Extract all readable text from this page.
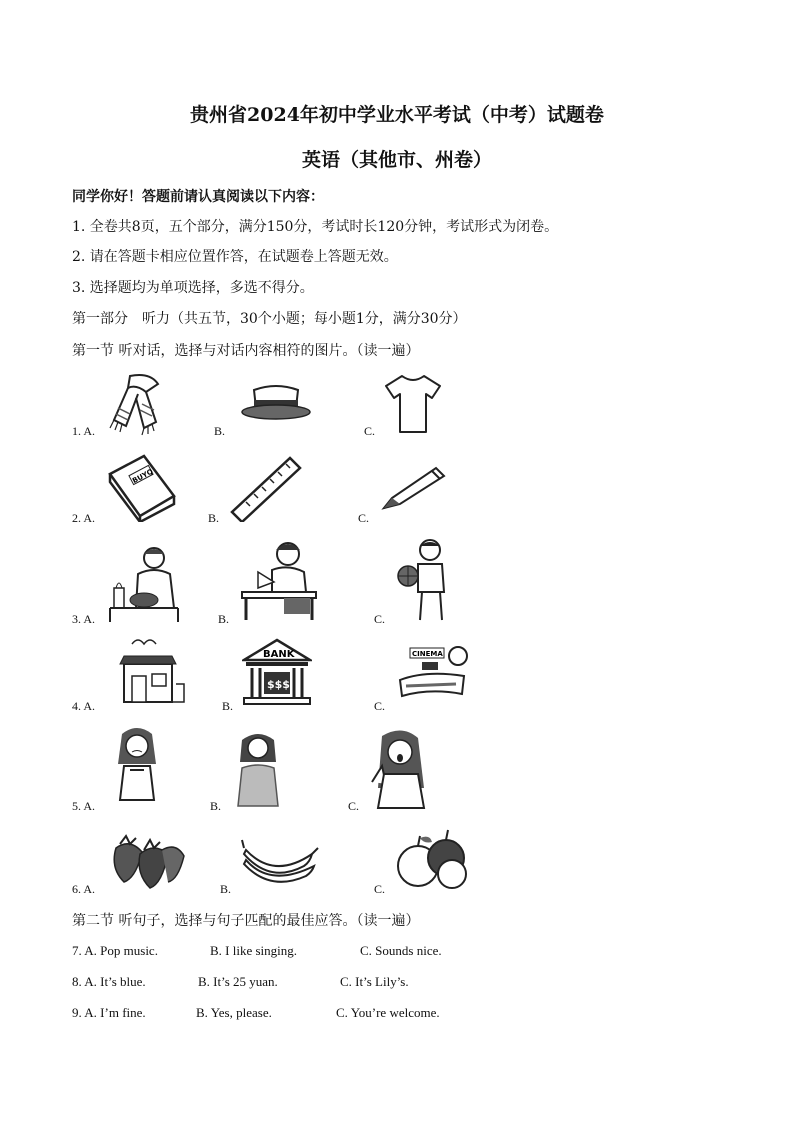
贵州省2024年初中学业水平考试（中考）试题卷
英语（其他市、州卷）
同学你好！答题前请认真阅读以下内容：
1. 全卷共8页，五个部分，满分150分，考试时长120分钟，考试形式为闭卷。
2. 请在答题卡相应位置作答，在试题卷上答题无效。
3. 选择题均为单项选择，多选不得分。
第一部分　听力（共五节，30个小题；每小题1分，满分30分）
第一节 听对话，选择与对话内容相符的图片。（读一遍）
1. A.	B.	C.
2. A.	B.	C.
BUYQ
3. A.	B.	C.
4. A.	B.	C.
BANK
$$$
CINEMA
5. A.	B.	C.
6. A.	B.	C.
第二节 听句子，选择与句子匹配的最佳应答。（读一遍）
7. A. Pop music.	B. I like singing.	C. Sounds nice.
8. A. It’s blue.	B. It’s 25 yuan.	C. It’s Lily’s.
9. A. I’m fine.	B. Yes, please.	C. You’re welcome.
